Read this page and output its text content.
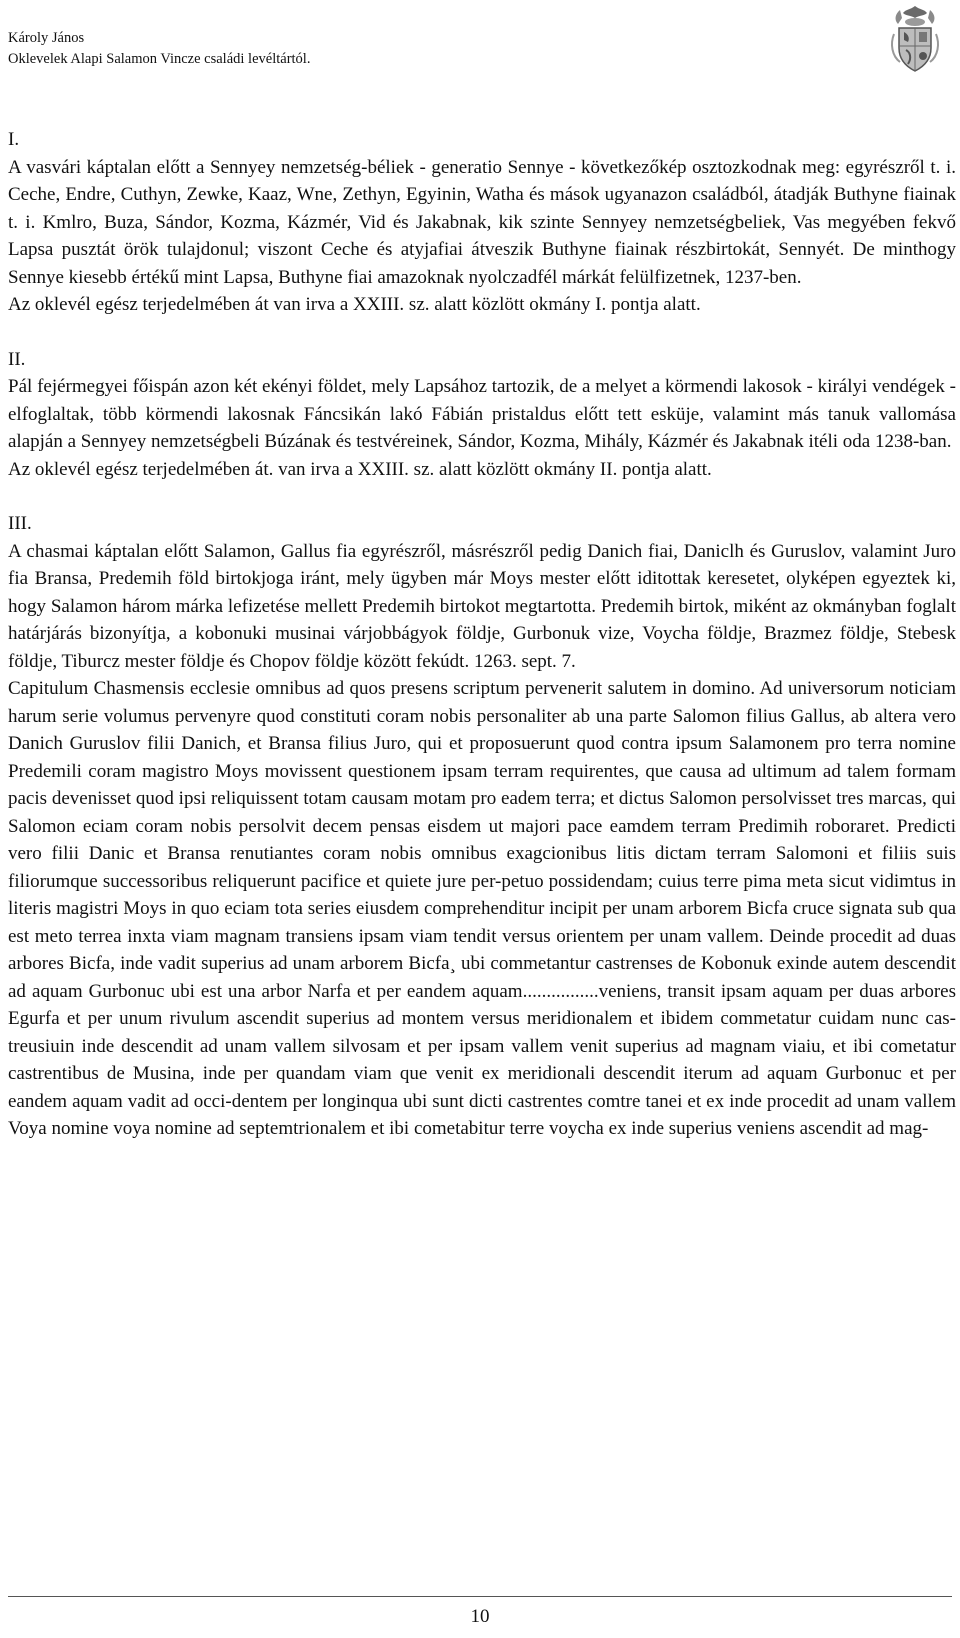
Károly János
Oklevelek Alapi Salamon Vincze családi levéltártól.

I.

A vasvári káptalan előtt a Sennyey nemzetség-béliek - generatio Sennye - következőkép osztozkodnak meg: egyrészről t. i. Ceche, Endre, Cuthyn, Zewke, Kaaz, Wne, Zethyn, Egyinin, Watha és mások ugyanazon családból, átadják Buthyne fiainak t. i. Kmlro, Buza, Sándor, Kozma, Kázmér, Vid és Jakabnak, kik szinte Sennyey nemzetségbeliek, Vas megyében fekvő Lapsa pusztát örök tulajdonul; viszont Ceche és atyjafiai átveszik Buthyne fiainak részbirtokát, Sennyét. De minthogy Sennye kiesebb értékű mint Lapsa, Buthyne fiai amazoknak nyolczadfél márkát felülfizetnek, 1237-ben.

Az oklevél egész terjedelmében át van irva a XXIII. sz. alatt közlött okmány I. pontja alatt.

II.

Pál fejérmegyei főispán azon két ekényi földet, mely Lapsához tartozik, de a melyet a körmendi lakosok - királyi vendégek - elfoglaltak, több körmendi lakosnak Fáncsikán lakó Fábián pristaldus előtt tett esküje, valamint más tanuk vallomása alapján a Sennyey nemzetségbeli Búzának és testvéreinek, Sándor, Kozma, Mihály, Kázmér és Jakabnak itéli oda 1238-ban.

Az oklevél egész terjedelmében át. van irva a XXIII. sz. alatt közlött okmány II. pontja alatt.

III.

A chasmai káptalan előtt Salamon, Gallus fia egyrészről, másrészről pedig Danich fiai, Daniclh és Guruslov, valamint Juro fia Bransa, Predemih föld birtokjoga iránt, mely ügyben már Moys mester előtt iditottak keresetet, olyképen egyeztek ki, hogy Salamon három márka lefizetése mellett Predemih birtokot megtartotta. Predemih birtok, miként az okmányban foglalt határjárás bizonyítja, a kobonuki musinai várjobbágyok földje, Gurbonuk vize, Voycha földje, Brazmez földje, Stebesk földje, Tiburcz mester földje és Chopov földje között fekúdt. 1263. sept. 7.

Capitulum Chasmensis ecclesie omnibus ad quos presens scriptum pervenerit salutem in domino. Ad universorum noticiam harum serie volumus pervenyre quod constituti coram nobis personaliter ab una parte Salomon filius Gallus, ab altera vero Danich Guruslov filii Danich, et Bransa filius Juro, qui et proposuerunt quod contra ipsum Salamonem pro terra nomine Predemili coram magistro Moys movissent questionem ipsam terram requirentes, que causa ad ultimum ad talem formam pacis devenisset quod ipsi reliquissent totam causam motam pro eadem terra; et dictus Salomon persolvisset tres marcas, qui Salomon eciam coram nobis persolvit decem pensas eisdem ut majori pace eamdem terram Predimih roboraret. Predicti vero filii Danic et Bransa renutiantes coram nobis omnibus exagcionibus litis dictam terram Salomoni et filiis suis filiorumque successoribus reliquerunt pacifice et quiete jure per-petuo possidendam; cuius terre pima meta sicut vidimtus in literis magistri Moys in quo eciam tota series eiusdem comprehenditur incipit per unam arborem Bicfa cruce signata sub qua est meto terrea inxta viam magnam transiens ipsam viam tendit versus orientem per unam vallem. Deinde procedit ad duas arbores Bicfa, inde vadit superius ad unam arborem Bicfa¸ ubi commetantur castrenses de Kobonuk exinde autem descendit ad aquam Gurbonuc ubi est una arbor Narfa et per eandem aquam................veniens, transit ipsam aquam per duas arbores Egurfa et per unum rivulum ascendit superius ad montem versus meridionalem et ibidem commetatur cuidam nunc cas-treusiuin inde descendit ad unam vallem silvosam et per ipsam vallem venit superius ad magnam viaiu, et ibi cometatur castrentibus de Musina, inde per quandam viam que venit ex meridionali descendit iterum ad aquam Gurbonuc et per eandem aquam vadit ad occi-dentem per longinqua ubi sunt dicti castrentes comtre tanei et ex inde procedit ad unam vallem Voya nomine voya nomine ad septemtrionalem et ibi cometabitur terre voycha ex inde superius veniens ascendit ad mag-

10
